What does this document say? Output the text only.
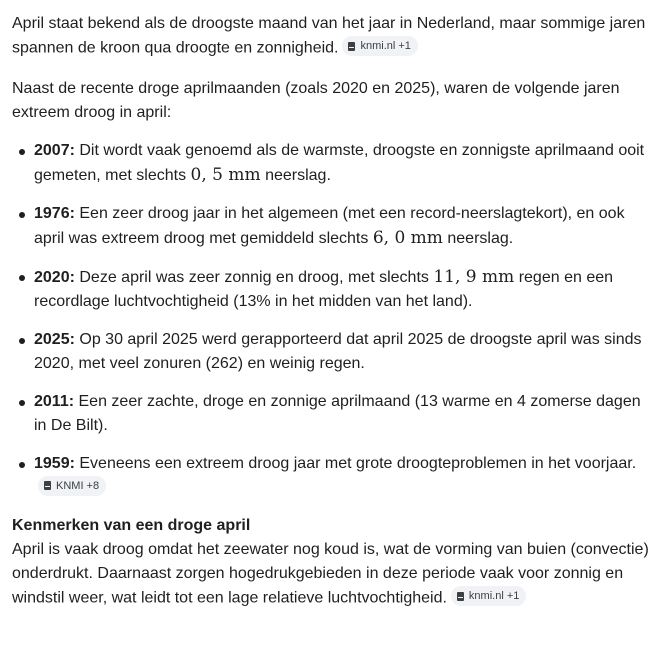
April staat bekend als de droogste maand van het jaar in Nederland, maar sommige jaren spannen de kroon qua droogte en zonnigheid. knmi.nl +1

Naast de recente droge aprilmaanden (zoals 2020 en 2025), waren de volgende jaren extreem droog in april:

2007: Dit wordt vaak genoemd als de warmste, droogste en zonnigste aprilmaand ooit gemeten, met slechts 0, 5 mm neerslag.
1976: Een zeer droog jaar in het algemeen (met een record-neerslagtekort), en ook april was extreem droog met gemiddeld slechts 6, 0 mm neerslag.
2020: Deze april was zeer zonnig en droog, met slechts 11, 9 mm regen en een recordlage luchtvochtigheid (13% in het midden van het land).
2025: Op 30 april 2025 werd gerapporteerd dat april 2025 de droogste april was sinds 2020, met veel zonuren (262) en weinig regen.
2011: Een zeer zachte, droge en zonnige aprilmaand (13 warme en 4 zomerse dagen in De Bilt).
1959: Eveneens een extreem droog jaar met grote droogteproblemen in het voorjaar.
KNMI +8

Kenmerken van een droge april

April is vaak droog omdat het zeewater nog koud is, wat de vorming van buien (convectie) onderdrukt. Daarnaast zorgen hogedrukgebieden in deze periode vaak voor zonnig en windstil weer, wat leidt tot een lage relatieve luchtvochtigheid. knmi.nl +1
